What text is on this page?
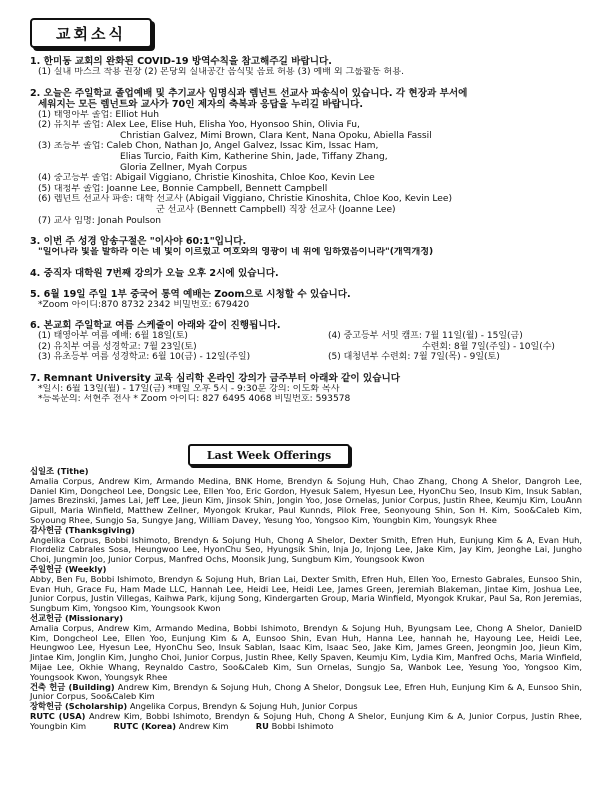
교회소식
1. 한미동 교회의 완화된 COVID-19 방역수칙을 참고해주길 바랍니다.
(1) 실내 마스크 착용 권장 (2) 본당외 실내공간 음식및 음료 허용 (3) 예배 외 그룹활동 허용.
2. 오늘은 주일학교 졸업예배 및 추기교사 임명식과 렘넌트 선교사 파송식이 있습니다. 각 현장과 부서에
세워지는 모든 렘넌트와 교사가 70인 제자의 축복과 응답을 누리길 바랍니다.
(1) 태영아부 졸업: Elliot Huh
(2) 유치부 졸업: Alex Lee, Elise Huh, Elisha Yoo, Hyonsoo Shin, Olivia Fu,
Christian Galvez, Mimi Brown, Clara Kent, Nana Opoku, Abiella Fassil
(3) 초등부 졸업: Caleb Chon, Nathan Jo, Angel Galvez, Issac Kim, Issac Ham,
Elias Turcio, Faith Kim, Katherine Shin, Jade, Tiffany Zhang,
Gloria Zellner, Myah Corpus
(4) 중고등부 졸업: Abigail Viggiano, Christie Kinoshita, Chloe Koo, Kevin Lee
(5) 대청부 졸업: Joanne Lee, Bonnie Campbell, Bennett Campbell
(6) 렘넌트 선교사 파송: 대학 선교사 (Abigail Viggiano, Christie Kinoshita, Chloe Koo, Kevin Lee)
군 선교사 (Bennett Campbell) 직장 선교사 (Joanne Lee)
(7) 교사 임명: Jonah Poulson
3. 이번 주 성경 암송구절은 "이사야 60:1"입니다.
"일어나라 빛을 발하라 이는 네 빛이 이르렀고 여호와의 영광이 네 위에 임하였음이니라"(개역개정)
4. 중직자 대학원 7번째 강의가 오늘 오후 2시에 있습니다.
5. 6월 19일 주일 1부 중국어 통역 예배는 Zoom으로 시청할 수 있습니다.
*Zoom 아이디:870 8732 2342 비밀번호: 679420
6. 본교회 주일학교 여름 스케줄이 아래와 같이 진행됩니다.
(1) 태영아부 여름 예배: 6월 18일(토)	(4) 중고등부 서밋 캠프: 7월 11일(월) - 15일(금)
(2) 유치부 여름 성경학교: 7월 23일(토)	수련회: 8월 7일(주일) - 10일(수)
(3) 유초등부 여름 성경학교: 6월 10(금) - 12일(주일)	(5) 대청년부 수련회: 7월 7일(목) - 9일(토)
7. Remnant University 교육 심리학 온라인 강의가 금주부터 아래와 같이 있습니다
*일시: 6월 13일(월) - 17일(금) *매일 오후 5시 - 9:30분 강의: 이도화 목사
*등록문의: 서현주 전사 * Zoom 아이디: 827 6495 4068 비밀번호: 593578
Last Week Offerings
십일조 (Tithe)
Amalia Corpus, Andrew Kim, Armando Medina, BNK Home, Brendyn & Sojung Huh, Chao Zhang, Chong A Shelor, Dangroh Lee, Daniel Kim, Dongcheol Lee, Dongsic Lee, Ellen Yoo, Eric Gordon, Hyesuk Salem, Hyesun Lee, HyonChu Seo, Insub Kim, Insuk Sablan, James Brezinski, James Lai, Jeff Lee, Jieun Kim, Jinsok Shin, Jongin Yoo, Jose Ornelas, Junior Corpus, Justin Rhee, Keumju Kim, LouAnn Gipull, Maria Winfield, Matthew Zellner, Myongok Krukar, Paul Kunnds, Pilok Free, Seonyoung Shin, Son H. Kim, Soo&Caleb Kim, Soyoung Rhee, Sungjo Sa, Sungye Jang, William Davey, Yesung Yoo, Yongsoo Kim, Youngbin Kim, Youngsyk Rhee
감사헌금 (Thanksgiving)
Angelika Corpus, Bobbi Ishimoto, Brendyn & Sojung Huh, Chong A Shelor, Dexter Smith, Efren Huh, Eunjung Kim & A, Evan Huh, Flordeliz Cabrales Sosa, Heungwoo Lee, HyonChu Seo, Hyungsik Shin, Inja Jo, Injong Lee, Jake Kim, Jay Kim, Jeonghe Lai, Jungho Choi, Jungmin Joo, Junior Corpus, Manfred Ochs, Moonsik Jung, Sungbum Kim, Youngsook Kwon
주일헌금 (Weekly)
Abby, Ben Fu, Bobbi Ishimoto, Brendyn & Sojung Huh, Brian Lai, Dexter Smith, Efren Huh, Ellen Yoo, Ernesto Gabrales, Eunsoo Shin, Evan Huh, Grace Fu, Ham Made LLC, Hannah Lee, Heidi Lee, Heidi Lee, James Green, Jeremiah Blakeman, Jintae Kim, Joshua Lee, Junior Corpus, Justin Villegas, Kaihwa Park, kijung Song, Kindergarten Group, Maria Winfield, Myongok Krukar, Paul Sa, Ron Jeremias, Sungbum Kim, Yongsoo Kim, Youngsook Kwon
선교헌금 (Missionary)
Amalia Corpus, Andrew Kim, Armando Medina, Bobbi Ishimoto, Brendyn & Sojung Huh, Byungsam Lee, Chong A Shelor, DanielD Kim, Dongcheol Lee, Ellen Yoo, Eunjung Kim & A, Eunsoo Shin, Evan Huh, Hanna Lee, hannah he, Hayoung Lee, Heidi Lee, Heungwoo Lee, Hyesun Lee, HyonChu Seo, Insuk Sablan, Isaac Kim, Isaac Seo, Jake Kim, James Green, Jeongmin Joo, Jieun Kim, Jintae Kim, Jonglin Kim, Jungho Choi, Junior Corpus, Justin Rhee, Kelly Spaven, Keumju Kim, Lydia Kim, Manfred Ochs, Maria Winfield, Mijae Lee, Okhie Whang, Reynaldo Castro, Soo&Caleb Kim, Sun Ornelas, Sungjo Sa, Wanbok Lee, Yesung Yoo, Yongsoo Kim, Youngsook Kwon, Youngsyk Rhee
건축 헌금 (Building) Andrew Kim, Brendyn & Sojung Huh, Chong A Shelor, Dongsuk Lee, Efren Huh, Eunjung Kim & A, Eunsoo Shin, Junior Corpus, Soo&Caleb Kim
장학헌금 (Scholarship) Angelika Corpus, Brendyn & Sojung Huh, Junior Corpus
RUTC (USA) Andrew Kim, Bobbi Ishimoto, Brendyn & Sojung Huh, Chong A Shelor, Eunjung Kim & A, Junior Corpus, Justin Rhee, Youngbin Kim	RUTC (Korea) Andrew Kim	RU Bobbi Ishimoto
